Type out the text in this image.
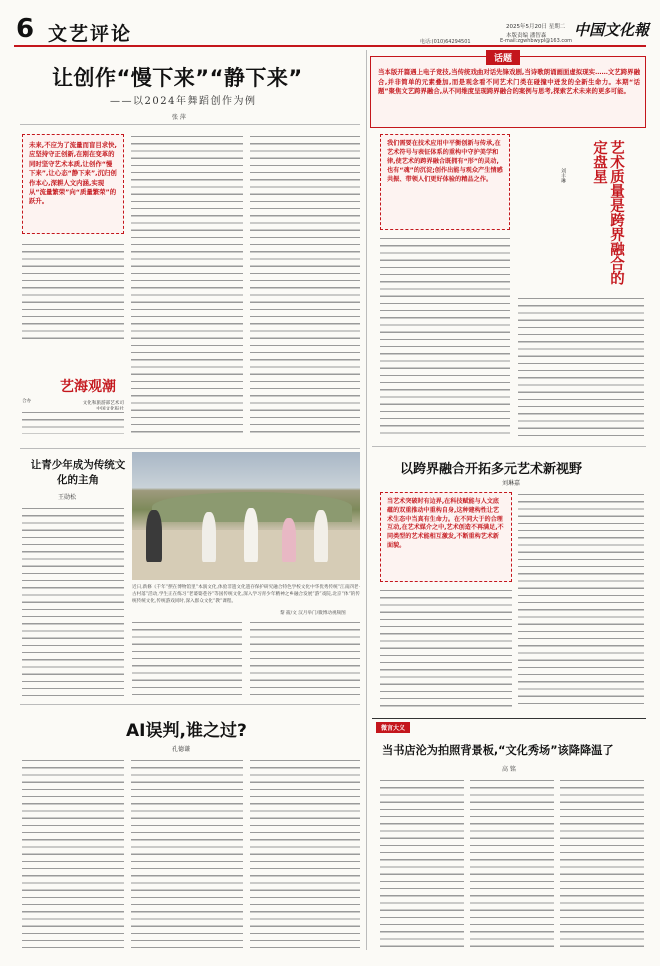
6 文艺评论	2025年5月20日 星期二
本版责编 潘智森 中国文化報
电话:(010)64294501	E-mail:zgwhbwypl@163.com
让创作“慢下来”“静下来”
——以2024年舞蹈创作为例
张 萍
未来,不应为了流量而盲目求快,应坚持守正创新,在刚在变革的同时坚守艺术本质,让创作“慢下来”,让心态“静下来”,沉归创作本心,深耕人文内涵,实现从“流量繁荣”向“质量繁荣”的跃升。
艺海观潮
文化和旅游部艺术司
合办
让青少年成为传统文化的主角
王勋松
近日,新修《千年“摆在博物馆里”本演文化,体验非遗文化遗存保护研究融合特色学校文化中华优秀传统“江南四老·古村落”活动,学生正在练习“老婆婆巷谷”等国传统文化,深入学习青少年精神之乡融合发展“游”戏院,北京“体”的传统传统文化,传统游戏同时,深入群众文化“教”课程。
黎 筱/文 汉月举门/微博动视频图
AI误判,谁之过?
孔德谦
话题
当本版开篇遇上电子竞技,当传统戏曲对话先锋戏剧,当诗歌朗诵画面虚拟现实……文艺跨界融合,并非简单的元素叠加,而是观念看不同艺术门类在碰撞中迸发的全新生命力。本期“话题”聚焦文艺跨界融合,从不同维度呈现跨界融合的案例与思考,探索艺术未来的更多可能。
我们需要在技术应用中平衡创新与传承,在艺术符号与表征体系的重构中守护美学和律,使艺术的跨界融合既拥有“形”的灵动,也有“魂”的沉淀;创作出能与观众产生情感共振、带领人们更好体验的精品之作。	艺术质量是跨界融合的定盘星
刘丰琳
以跨界融合开拓多元艺术新视野
刘琳嘉
当艺术突破时有边界,在科技赋能与人文底蕴的双重推动中重构自身,这种建构性让艺术生态中当真有生命力。在不同大于的合理互动,在艺术媒介之中,艺术创造不再满足,不同类型的艺术能相互激发,不断重构艺术新面貌。
微言大义
当书店沦为拍照背景板,“文化秀场”该降降温了
高 铭
